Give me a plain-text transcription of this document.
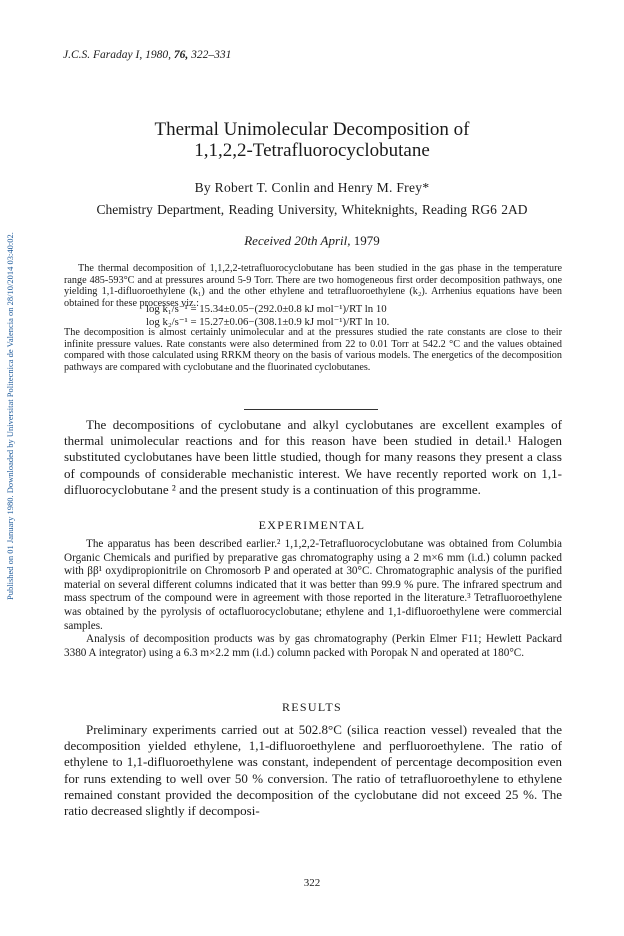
Published on 01 January 1980. Downloaded by Universitat Politecnica de Valencia on 28/10/2014 03:40:02.
J.C.S. Faraday I, 1980, 76, 322–331
Thermal Unimolecular Decomposition of
1,1,2,2-Tetrafluorocyclobutane
By Robert T. Conlin and Henry M. Frey*
Chemistry Department, Reading University, Whiteknights, Reading RG6 2AD
Received 20th April, 1979

The thermal decomposition of 1,1,2,2-tetrafluorocyclobutane has been studied in the gas phase in the temperature range 485-593°C and at pressures around 5-9 Torr. There are two homogeneous first order decomposition pathways, one yielding 1,1-difluoroethylene (k₁) and the other ethylene and tetrafluoroethylene (k₂). Arrhenius equations have been obtained for these processes viz.:

log k₁/s⁻¹ = 15.34±0.05−(292.0±0.8 kJ mol⁻¹)/RT ln 10
log k₂/s⁻¹ = 15.27±0.06−(308.1±0.9 kJ mol⁻¹)/RT ln 10.
The decomposition is almost certainly unimolecular and at the pressures studied the rate constants are close to their infinite pressure values. Rate constants were also determined from 22 to 0.01 Torr at 542.2 °C and the values obtained compared with those calculated using RRKM theory on the basis of various models. The energetics of the decomposition pathways are compared with cyclobutane and the fluorinated cyclobutanes.
The decompositions of cyclobutane and alkyl cyclobutanes are excellent examples of thermal unimolecular reactions and for this reason have been studied in detail.¹ Halogen substituted cyclobutanes have been little studied, though for many reasons they present a class of compounds of considerable mechanistic interest. We have recently reported work on 1,1-difluorocyclobutane ² and the present study is a continuation of this programme.
EXPERIMENTAL

The apparatus has been described earlier.² 1,1,2,2-Tetrafluorocyclobutane was obtained from Columbia Organic Chemicals and purified by preparative gas chromatography using a 2 m×6 mm (i.d.) column packed with ββ¹ oxydipropionitrile on Chromosorb P and operated at 30°C. Chromatographic analysis of the purified material on several different columns indicated that it was better than 99.9 % pure. The infrared spectrum and mass spectrum of the compound were in agreement with those reported in the literature.³ Tetrafluoroethylene was obtained by the pyrolysis of octafluorocyclobutane; ethylene and 1,1-difluoroethylene were commercial samples.

Analysis of decomposition products was by gas chromatography (Perkin Elmer F11; Hewlett Packard 3380 A integrator) using a 6.3 m×2.2 mm (i.d.) column packed with Poropak N and operated at 180°C.

RESULTS
Preliminary experiments carried out at 502.8°C (silica reaction vessel) revealed that the decomposition yielded ethylene, 1,1-difluoroethylene and perfluoroethylene. The ratio of ethylene to 1,1-difluoroethylene was constant, independent of percentage decomposition even for runs extending to well over 50 % conversion. The ratio of tetrafluoroethylene to ethylene remained constant provided the decomposition of the cyclobutane did not exceed 25 %. The ratio decreased slightly if decomposi-
322
